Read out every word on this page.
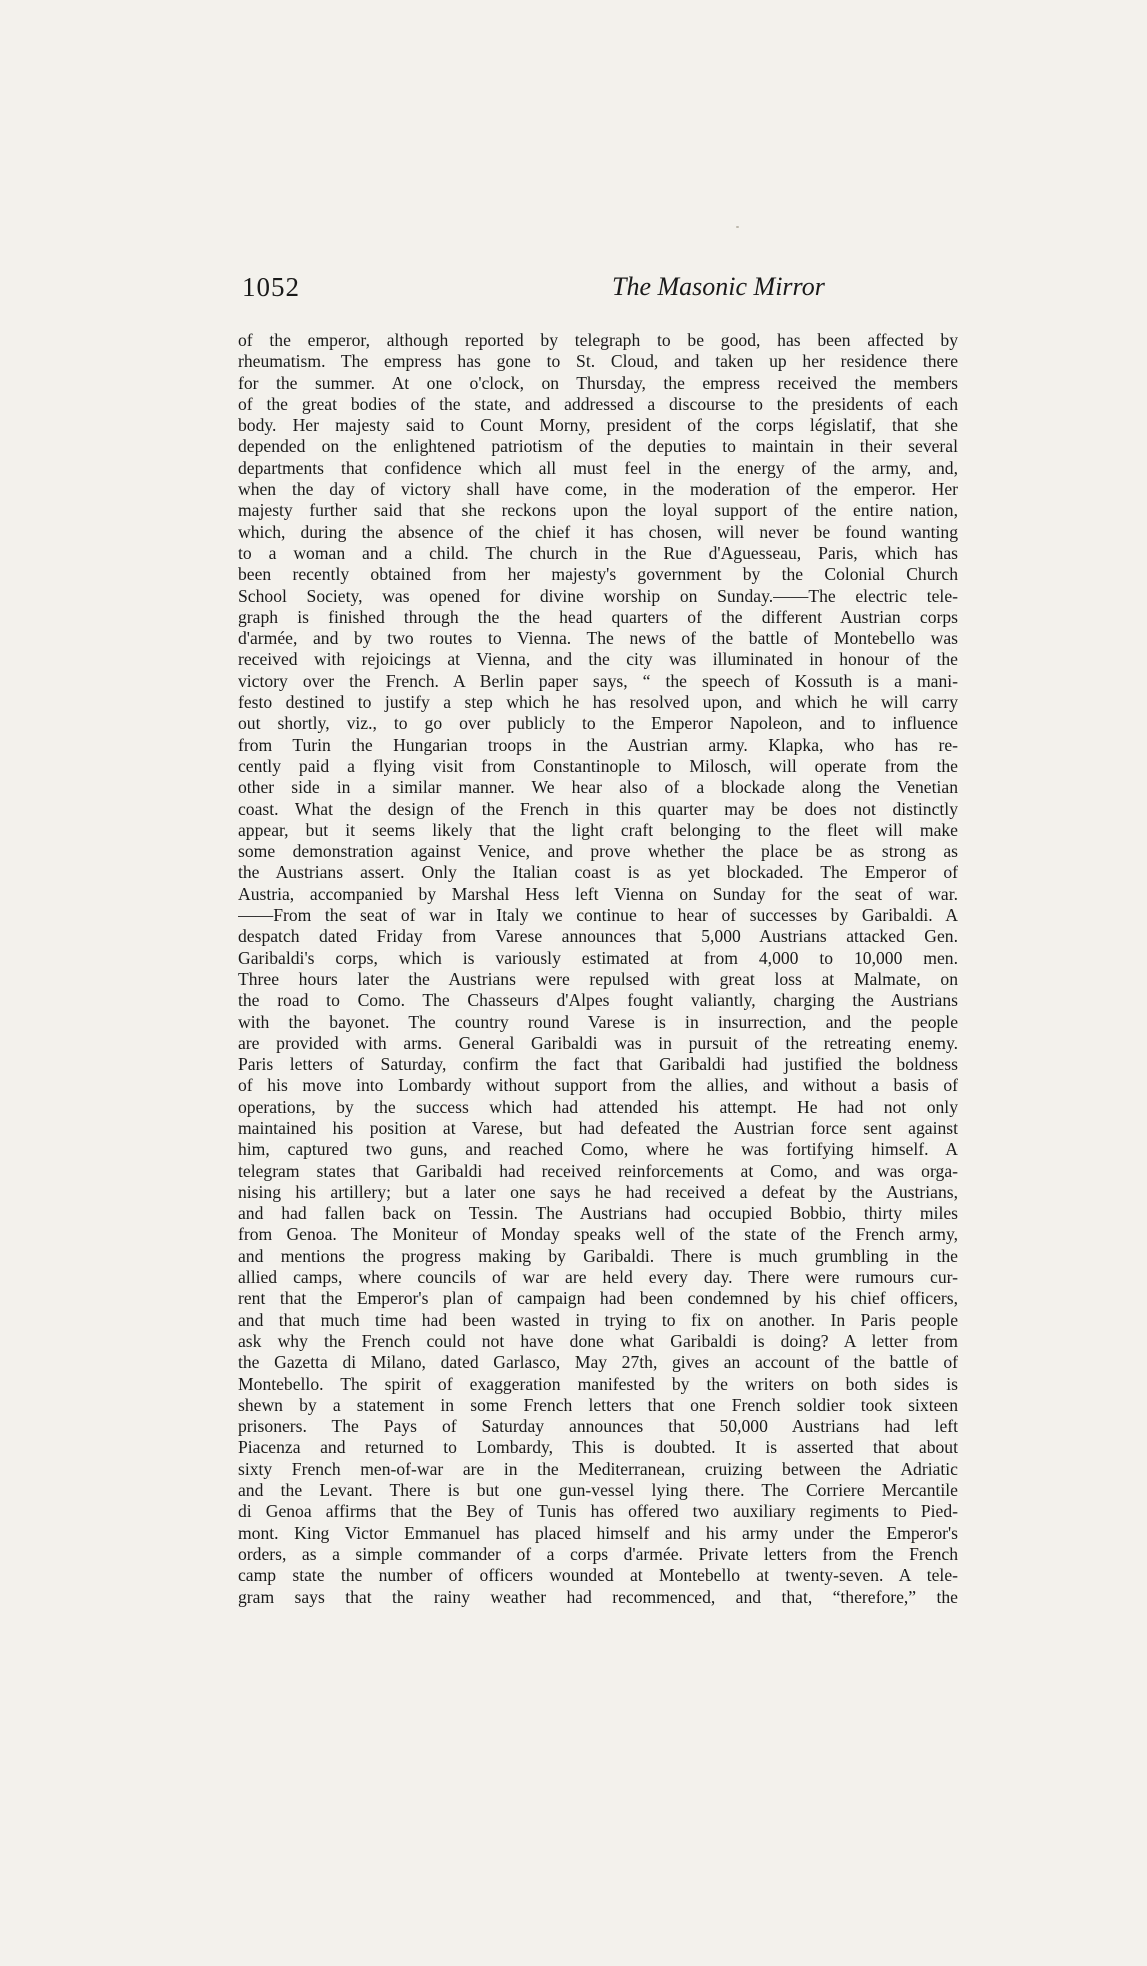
1052	The Masonic Mirror
of the emperor, although reported by telegraph to be good, has been affected by
rheumatism. The empress has gone to St. Cloud, and taken up her residence there
for the summer. At one o'clock, on Thursday, the empress received the members
of the great bodies of the state, and addressed a discourse to the presidents of each
body. Her majesty said to Count Morny, president of the corps législatif, that she
depended on the enlightened patriotism of the deputies to maintain in their several
departments that confidence which all must feel in the energy of the army, and,
when the day of victory shall have come, in the moderation of the emperor. Her
majesty further said that she reckons upon the loyal support of the entire nation,
which, during the absence of the chief it has chosen, will never be found wanting
to a woman and a child. The church in the Rue d'Aguesseau, Paris, which has
been recently obtained from her majesty's government by the Colonial Church
School Society, was opened for divine worship on Sunday.——The electric tele-
graph is finished through the the head quarters of the different Austrian corps
d'armée, and by two routes to Vienna. The news of the battle of Montebello was
received with rejoicings at Vienna, and the city was illuminated in honour of the
victory over the French. A Berlin paper says, “ the speech of Kossuth is a mani-
festo destined to justify a step which he has resolved upon, and which he will carry
out shortly, viz., to go over publicly to the Emperor Napoleon, and to influence
from Turin the Hungarian troops in the Austrian army. Klapka, who has re-
cently paid a flying visit from Constantinople to Milosch, will operate from the
other side in a similar manner. We hear also of a blockade along the Venetian
coast. What the design of the French in this quarter may be does not distinctly
appear, but it seems likely that the light craft belonging to the fleet will make
some demonstration against Venice, and prove whether the place be as strong as
the Austrians assert. Only the Italian coast is as yet blockaded. The Emperor of
Austria, accompanied by Marshal Hess left Vienna on Sunday for the seat of war.
——From the seat of war in Italy we continue to hear of successes by Garibaldi. A
despatch dated Friday from Varese announces that 5,000 Austrians attacked Gen.
Garibaldi's corps, which is variously estimated at from 4,000 to 10,000 men.
Three hours later the Austrians were repulsed with great loss at Malmate, on
the road to Como. The Chasseurs d'Alpes fought valiantly, charging the Austrians
with the bayonet. The country round Varese is in insurrection, and the people
are provided with arms. General Garibaldi was in pursuit of the retreating enemy.
Paris letters of Saturday, confirm the fact that Garibaldi had justified the boldness
of his move into Lombardy without support from the allies, and without a basis of
operations, by the success which had attended his attempt. He had not only
maintained his position at Varese, but had defeated the Austrian force sent against
him, captured two guns, and reached Como, where he was fortifying himself. A
telegram states that Garibaldi had received reinforcements at Como, and was orga-
nising his artillery; but a later one says he had received a defeat by the Austrians,
and had fallen back on Tessin. The Austrians had occupied Bobbio, thirty miles
from Genoa. The Moniteur of Monday speaks well of the state of the French army,
and mentions the progress making by Garibaldi. There is much grumbling in the
allied camps, where councils of war are held every day. There were rumours cur-
rent that the Emperor's plan of campaign had been condemned by his chief officers,
and that much time had been wasted in trying to fix on another. In Paris people
ask why the French could not have done what Garibaldi is doing? A letter from
the Gazetta di Milano, dated Garlasco, May 27th, gives an account of the battle of
Montebello. The spirit of exaggeration manifested by the writers on both sides is
shewn by a statement in some French letters that one French soldier took sixteen
prisoners. The Pays of Saturday announces that 50,000 Austrians had left
Piacenza and returned to Lombardy, This is doubted. It is asserted that about
sixty French men-of-war are in the Mediterranean, cruizing between the Adriatic
and the Levant. There is but one gun-vessel lying there. The Corriere Mercantile
di Genoa affirms that the Bey of Tunis has offered two auxiliary regiments to Pied-
mont. King Victor Emmanuel has placed himself and his army under the Emperor's
orders, as a simple commander of a corps d'armée. Private letters from the French
camp state the number of officers wounded at Montebello at twenty-seven. A tele-
gram says that the rainy weather had recommenced, and that, “therefore,” the
